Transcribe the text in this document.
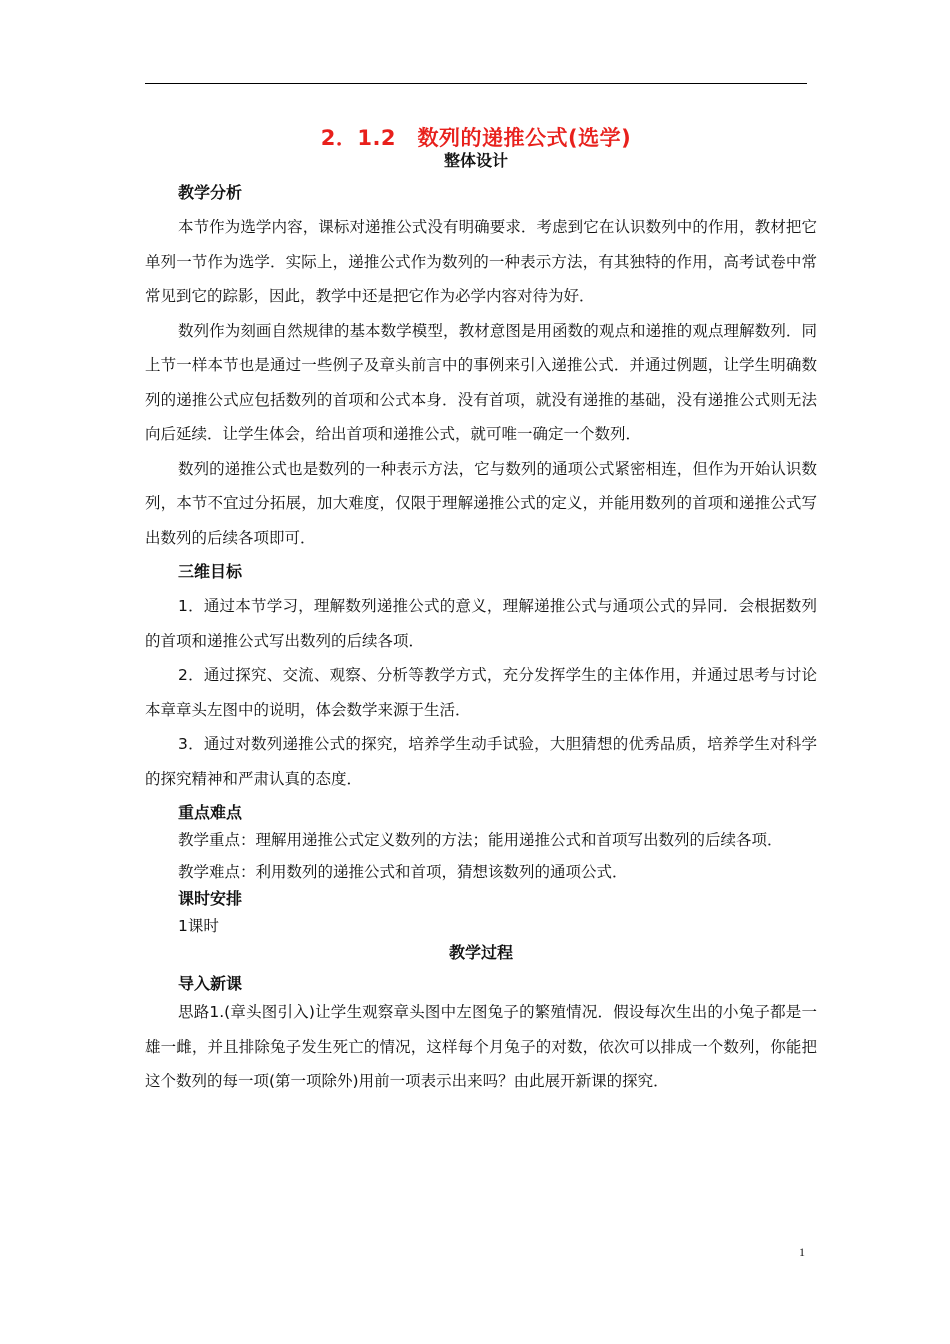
2．1.2　数列的递推公式(选学)
整体设计

教学分析

本节作为选学内容，课标对递推公式没有明确要求．考虑到它在认识数列中的作用，教材把它单列一节作为选学．实际上，递推公式作为数列的一种表示方法，有其独特的作用，高考试卷中常常见到它的踪影，因此，教学中还是把它作为必学内容对待为好．

数列作为刻画自然规律的基本数学模型，教材意图是用函数的观点和递推的观点理解数列．同上节一样本节也是通过一些例子及章头前言中的事例来引入递推公式．并通过例题，让学生明确数列的递推公式应包括数列的首项和公式本身．没有首项，就没有递推的基础，没有递推公式则无法向后延续．让学生体会，给出首项和递推公式，就可唯一确定一个数列．

数列的递推公式也是数列的一种表示方法，它与数列的通项公式紧密相连，但作为开始认识数列，本节不宜过分拓展，加大难度，仅限于理解递推公式的定义，并能用数列的首项和递推公式写出数列的后续各项即可．

三维目标

1．通过本节学习，理解数列递推公式的意义，理解递推公式与通项公式的异同．会根据数列的首项和递推公式写出数列的后续各项．

2．通过探究、交流、观察、分析等教学方式，充分发挥学生的主体作用，并通过思考与讨论本章章头左图中的说明，体会数学来源于生活．

3．通过对数列递推公式的探究，培养学生动手试验，大胆猜想的优秀品质，培养学生对科学的探究精神和严肃认真的态度．

重点难点

教学重点：理解用递推公式定义数列的方法；能用递推公式和首项写出数列的后续各项．

教学难点：利用数列的递推公式和首项，猜想该数列的通项公式．

课时安排

1课时

教学过程

导入新课

思路1.(章头图引入)让学生观察章头图中左图兔子的繁殖情况．假设每次生出的小兔子都是一雄一雌，并且排除兔子发生死亡的情况，这样每个月兔子的对数，依次可以排成一个数列，你能把这个数列的每一项(第一项除外)用前一项表示出来吗？由此展开新课的探究．

1
